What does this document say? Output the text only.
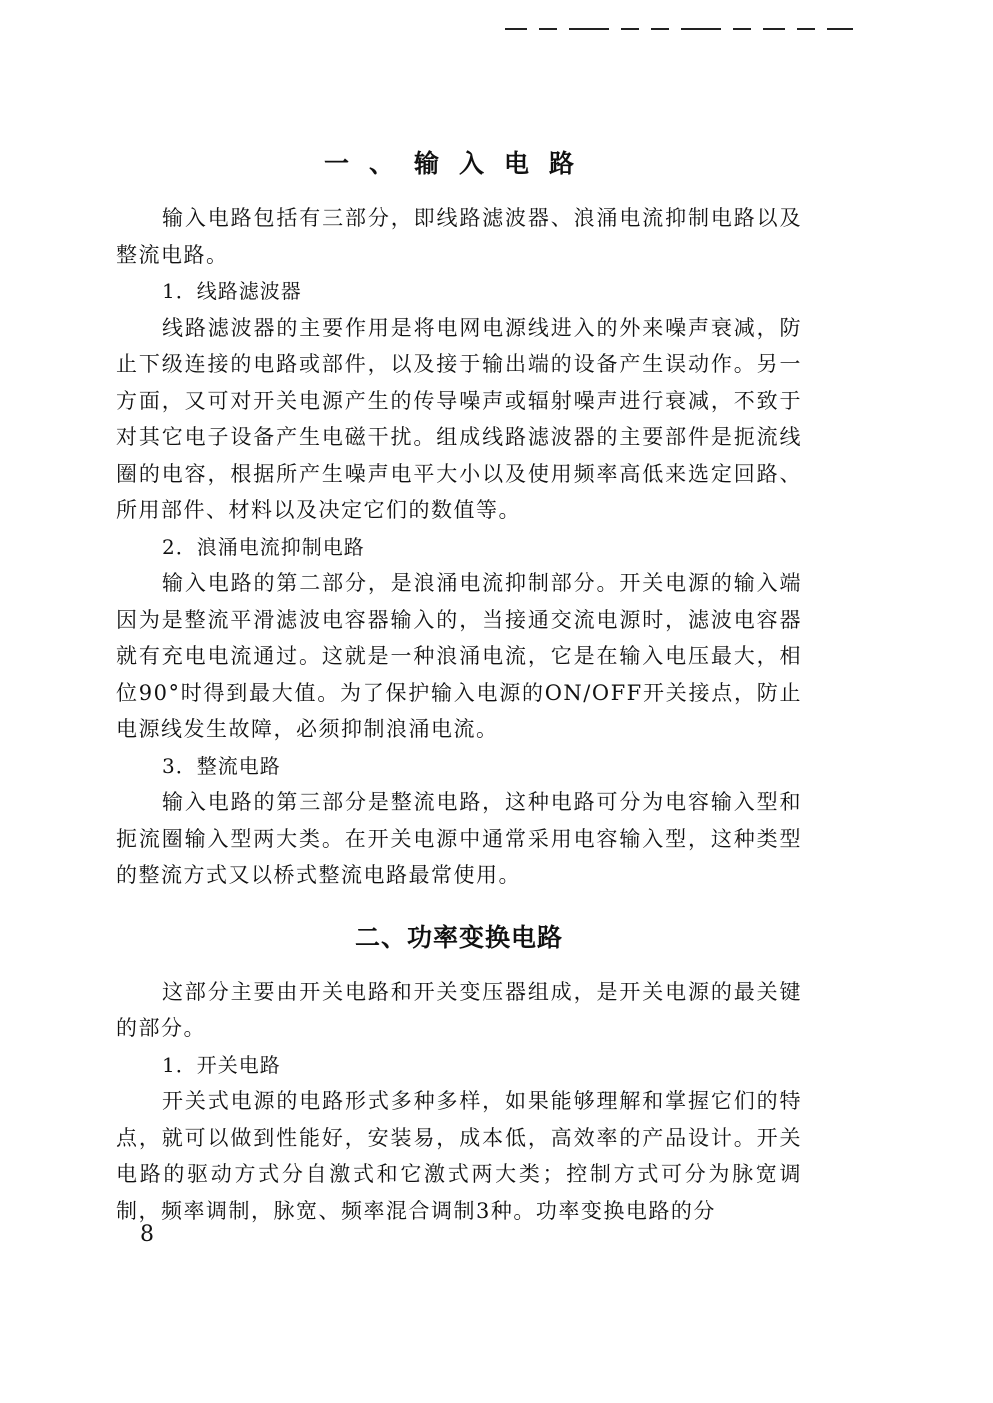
一、输入电路

输入电路包括有三部分，即线路滤波器、浪涌电流抑制电路以及整流电路。

1．线路滤波器

线路滤波器的主要作用是将电网电源线进入的外来噪声衰减，防止下级连接的电路或部件，以及接于输出端的设备产生误动作。另一方面，又可对开关电源产生的传导噪声或辐射噪声进行衰减，不致于对其它电子设备产生电磁干扰。组成线路滤波器的主要部件是扼流线圈的电容，根据所产生噪声电平大小以及使用频率高低来选定回路、所用部件、材料以及决定它们的数值等。

2．浪涌电流抑制电路

输入电路的第二部分，是浪涌电流抑制部分。开关电源的输入端因为是整流平滑滤波电容器输入的，当接通交流电源时，滤波电容器就有充电电流通过。这就是一种浪涌电流，它是在输入电压最大，相位90°时得到最大值。为了保护输入电源的ON/OFF开关接点，防止电源线发生故障，必须抑制浪涌电流。

3．整流电路

输入电路的第三部分是整流电路，这种电路可分为电容输入型和扼流圈输入型两大类。在开关电源中通常采用电容输入型，这种类型的整流方式又以桥式整流电路最常使用。

二、功率变换电路

这部分主要由开关电路和开关变压器组成，是开关电源的最关键的部分。

1．开关电路

开关式电源的电路形式多种多样，如果能够理解和掌握它们的特点，就可以做到性能好，安装易，成本低，高效率的产品设计。开关电路的驱动方式分自激式和它激式两大类；控制方式可分为脉宽调制，频率调制，脉宽、频率混合调制3种。功率变换电路的分

8
